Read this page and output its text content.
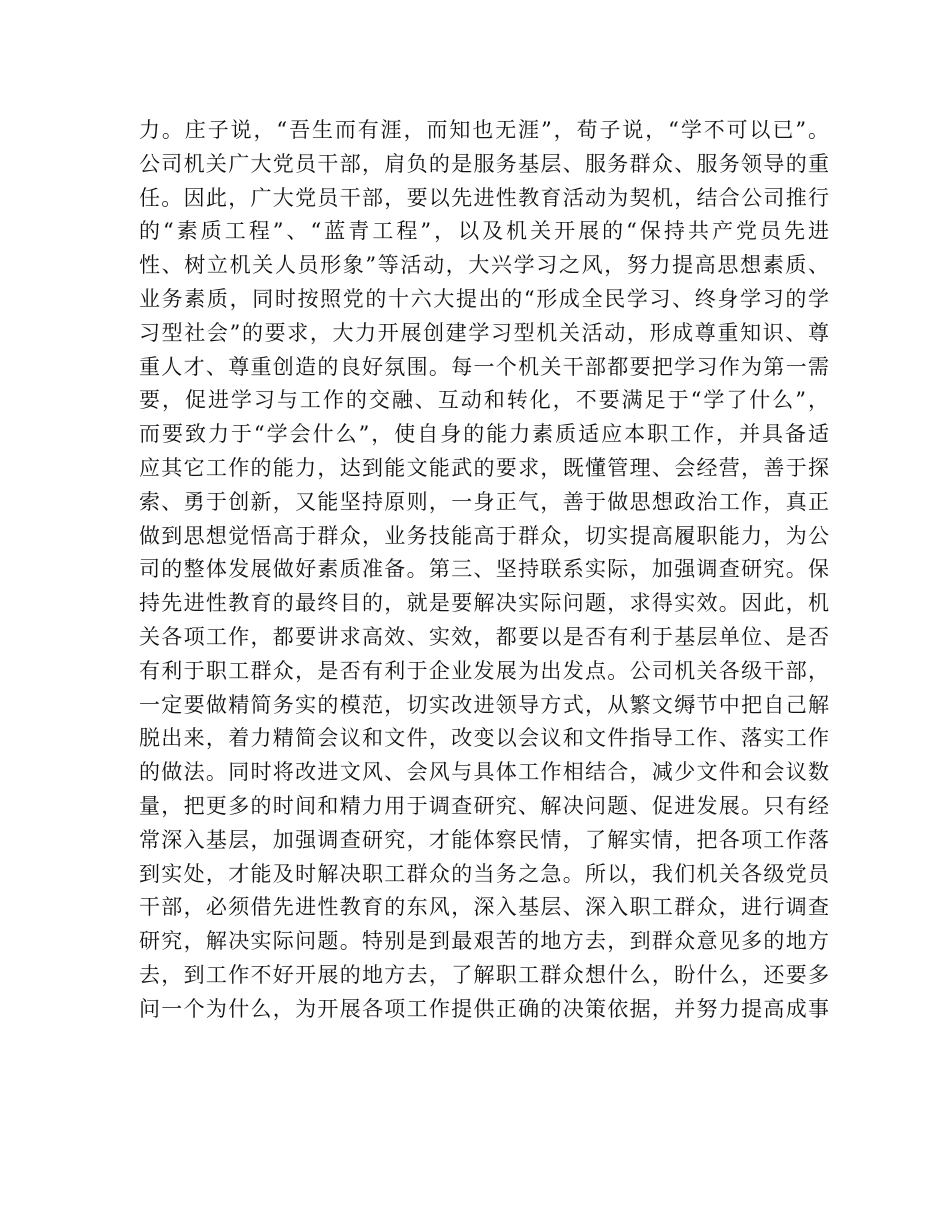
力。庄子说，“吾生而有涯，而知也无涯”，荀子说，“学不可以已”。
公司机关广大党员干部，肩负的是服务基层、服务群众、服务领导的重
任。因此，广大党员干部，要以先进性教育活动为契机，结合公司推行
的“素质工程”、“蓝青工程”，以及机关开展的“保持共产党员先进
性、树立机关人员形象”等活动，大兴学习之风，努力提高思想素质、
业务素质，同时按照党的十六大提出的“形成全民学习、终身学习的学
习型社会”的要求，大力开展创建学习型机关活动，形成尊重知识、尊
重人才、尊重创造的良好氛围。每一个机关干部都要把学习作为第一需
要，促进学习与工作的交融、互动和转化，不要满足于“学了什么”，
而要致力于“学会什么”，使自身的能力素质适应本职工作，并具备适
应其它工作的能力，达到能文能武的要求，既懂管理、会经营，善于探
索、勇于创新，又能坚持原则，一身正气，善于做思想政治工作，真正
做到思想觉悟高于群众，业务技能高于群众，切实提高履职能力，为公
司的整体发展做好素质准备。第三、坚持联系实际，加强调查研究。保
持先进性教育的最终目的，就是要解决实际问题，求得实效。因此，机
关各项工作，都要讲求高效、实效，都要以是否有利于基层单位、是否
有利于职工群众，是否有利于企业发展为出发点。公司机关各级干部，
一定要做精简务实的模范，切实改进领导方式，从繁文缛节中把自己解
脱出来，着力精简会议和文件，改变以会议和文件指导工作、落实工作
的做法。同时将改进文风、会风与具体工作相结合，减少文件和会议数
量，把更多的时间和精力用于调查研究、解决问题、促进发展。只有经
常深入基层，加强调查研究，才能体察民情，了解实情，把各项工作落
到实处，才能及时解决职工群众的当务之急。所以，我们机关各级党员
干部，必须借先进性教育的东风，深入基层、深入职工群众，进行调查
研究，解决实际问题。特别是到最艰苦的地方去，到群众意见多的地方
去，到工作不好开展的地方去，了解职工群众想什么，盼什么，还要多
问一个为什么，为开展各项工作提供正确的决策依据，并努力提高成事
